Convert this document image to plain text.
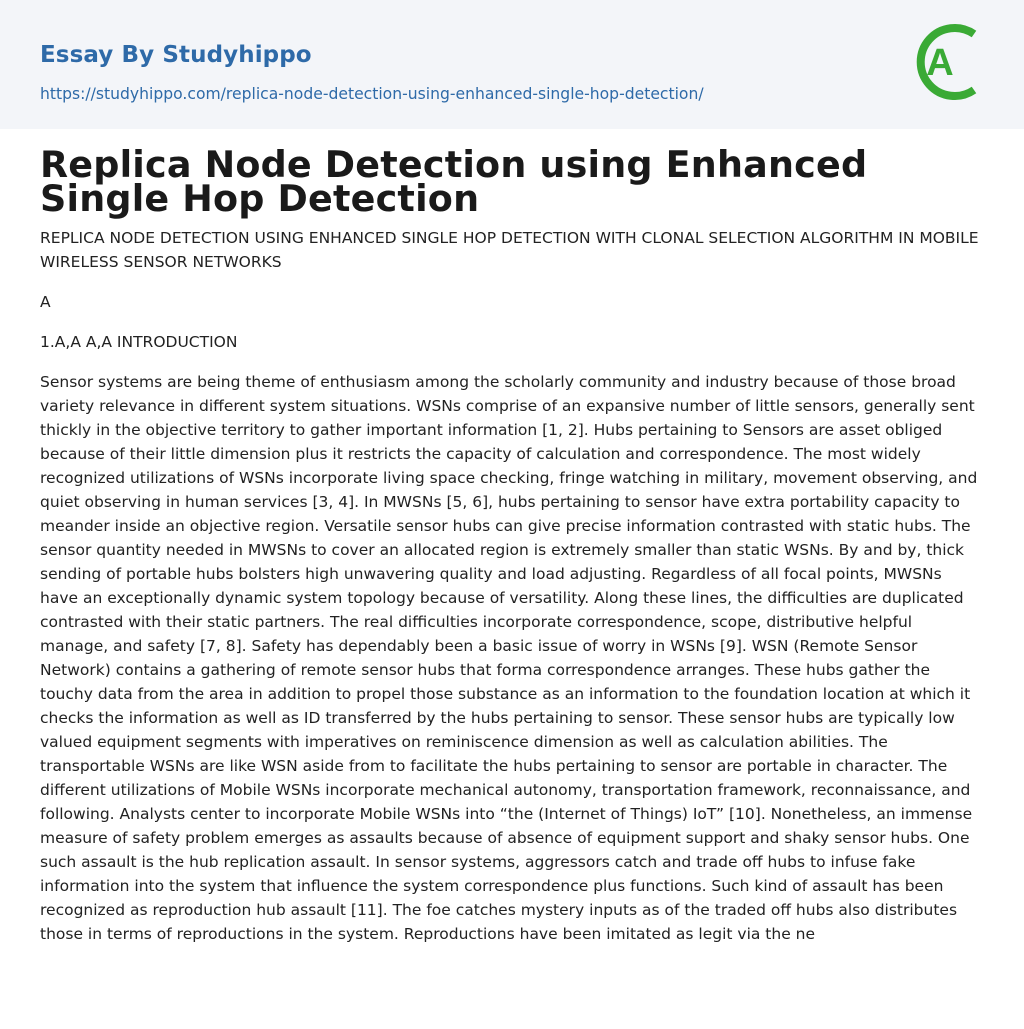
Essay By Studyhippo
https://studyhippo.com/replica-node-detection-using-enhanced-single-hop-detection/
A
Replica Node Detection using Enhanced Single Hop Detection

REPLICA NODE DETECTION USING ENHANCED SINGLE HOP DETECTION WITH CLONAL SELECTION ALGORITHM IN MOBILE WIRELESS SENSOR NETWORKS

A

1.A,A A,A INTRODUCTION

Sensor systems are being theme of enthusiasm among the scholarly community and industry because of those broad variety relevance in different system situations. WSNs comprise of an expansive number of little sensors, generally sent thickly in the objective territory to gather important information [1, 2]. Hubs pertaining to Sensors are asset obliged because of their little dimension plus it restricts the capacity of calculation and correspondence. The most widely recognized utilizations of WSNs incorporate living space checking, fringe watching in military, movement observing, and quiet observing in human services [3, 4]. In MWSNs [5, 6], hubs pertaining to sensor have extra portability capacity to meander inside an objective region. Versatile sensor hubs can give precise information contrasted with static hubs. The sensor quantity needed in MWSNs to cover an allocated region is extremely smaller than static WSNs. By and by, thick sending of portable hubs bolsters high unwavering quality and load adjusting. Regardless of all focal points, MWSNs have an exceptionally dynamic system topology because of versatility. Along these lines, the difficulties are duplicated contrasted with their static partners. The real difficulties incorporate correspondence, scope, distributive helpful manage, and safety [7, 8]. Safety has dependably been a basic issue of worry in WSNs [9]. WSN (Remote Sensor Network) contains a gathering of remote sensor hubs that forma correspondence arranges. These hubs gather the touchy data from the area in addition to propel those substance as an information to the foundation location at which it checks the information as well as ID transferred by the hubs pertaining to sensor. These sensor hubs are typically low valued equipment segments with imperatives on reminiscence dimension as well as calculation abilities. The transportable WSNs are like WSN aside from to facilitate the hubs pertaining to sensor are portable in character. The different utilizations of Mobile WSNs incorporate mechanical autonomy, transportation framework, reconnaissance, and following. Analysts center to incorporate Mobile WSNs into “the (Internet of Things) IoT” [10]. Nonetheless, an immense measure of safety problem emerges as assaults because of absence of equipment support and shaky sensor hubs. One such assault is the hub replication assault. In sensor systems, aggressors catch and trade off hubs to infuse fake information into the system that influence the system correspondence plus functions. Such kind of assault has been recognized as reproduction hub assault [11]. The foe catches mystery inputs as of the traded off hubs also distributes those in terms of reproductions in the system. Reproductions have been imitated as legit via the ne
